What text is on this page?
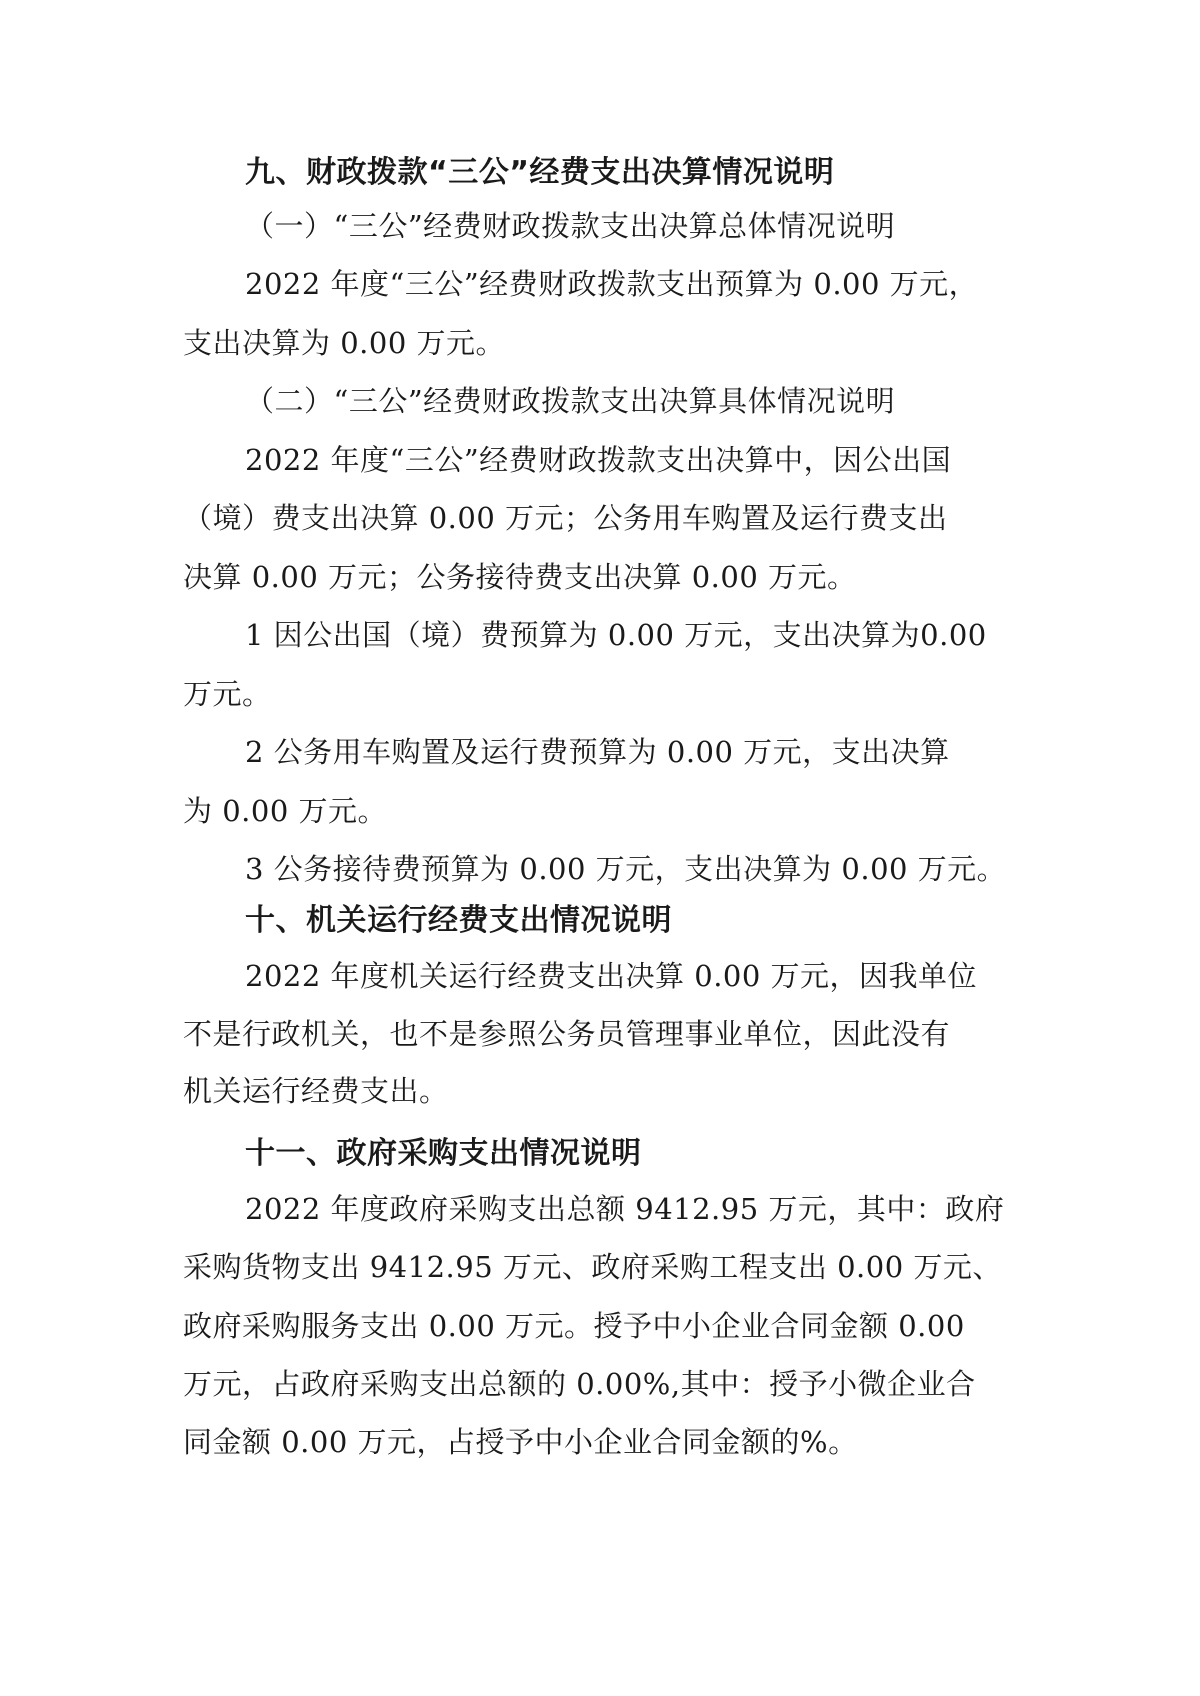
九、财政拨款“三公”经费支出决算情况说明
（一）“三公”经费财政拨款支出决算总体情况说明
2022 年度“三公”经费财政拨款支出预算为 0.00 万元，
支出决算为 0.00 万元。
（二）“三公”经费财政拨款支出决算具体情况说明
2022 年度“三公”经费财政拨款支出决算中，因公出国
（境）费支出决算 0.00 万元；公务用车购置及运行费支出
决算 0.00 万元；公务接待费支出决算 0.00 万元。
1 因公出国（境）费预算为 0.00 万元，支出决算为0.00
万元。
2 公务用车购置及运行费预算为 0.00 万元，支出决算
为 0.00 万元。
3 公务接待费预算为 0.00 万元，支出决算为 0.00 万元。
十、机关运行经费支出情况说明
2022 年度机关运行经费支出决算 0.00 万元，因我单位
不是行政机关，也不是参照公务员管理事业单位，因此没有
机关运行经费支出。
十一、政府采购支出情况说明
2022 年度政府采购支出总额 9412.95 万元，其中：政府
采购货物支出 9412.95 万元、政府采购工程支出 0.00 万元、
政府采购服务支出 0.00 万元。授予中小企业合同金额 0.00
万元，占政府采购支出总额的 0.00%,其中：授予小微企业合
同金额 0.00 万元，占授予中小企业合同金额的%。
